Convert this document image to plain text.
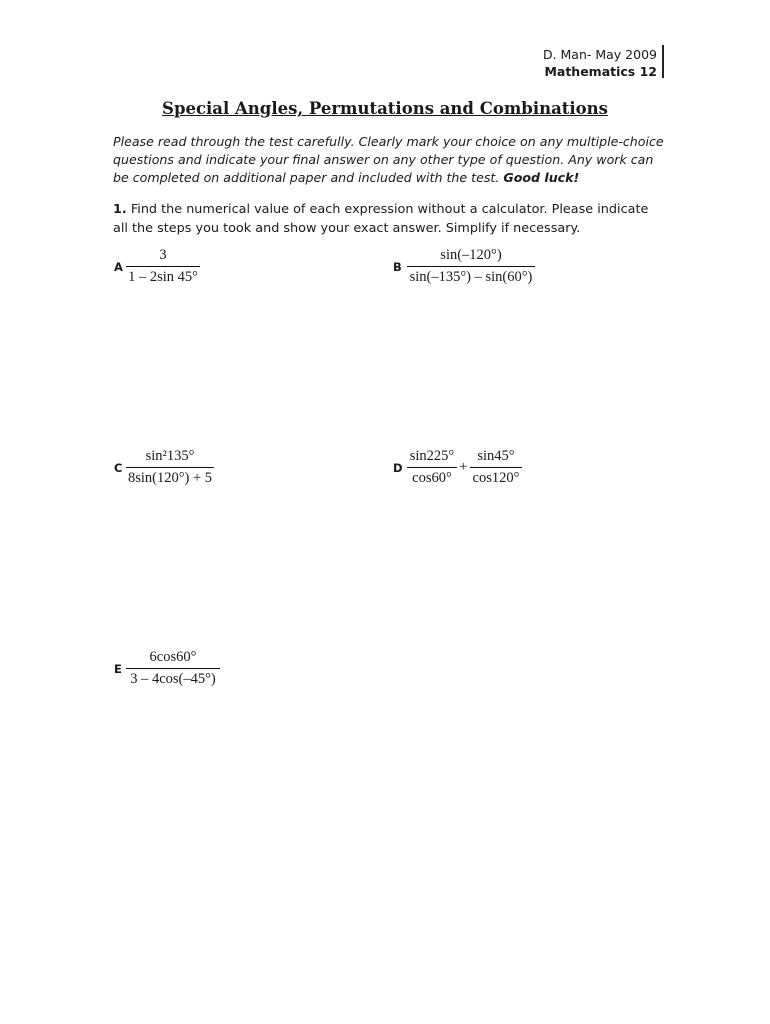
D. Man- May 2009
Mathematics 12
Special Angles, Permutations and Combinations
Please read through the test carefully. Clearly mark your choice on any multiple-choice
questions and indicate your final answer on any other type of question. Any work can
be completed on additional paper and included with the test. Good luck!
1. Find the numerical value of each expression without a calculator. Please indicate
all the steps you took and show your exact answer. Simplify if necessary.
A
3
1 – 2sin 45°
B
sin(–120°)
sin(–135°) – sin(60°)
C
sin²135°
8sin(120°) + 5
D
sin225°
cos60°
+
sin45°
cos120°
E
6cos60°
3 – 4cos(–45°)
